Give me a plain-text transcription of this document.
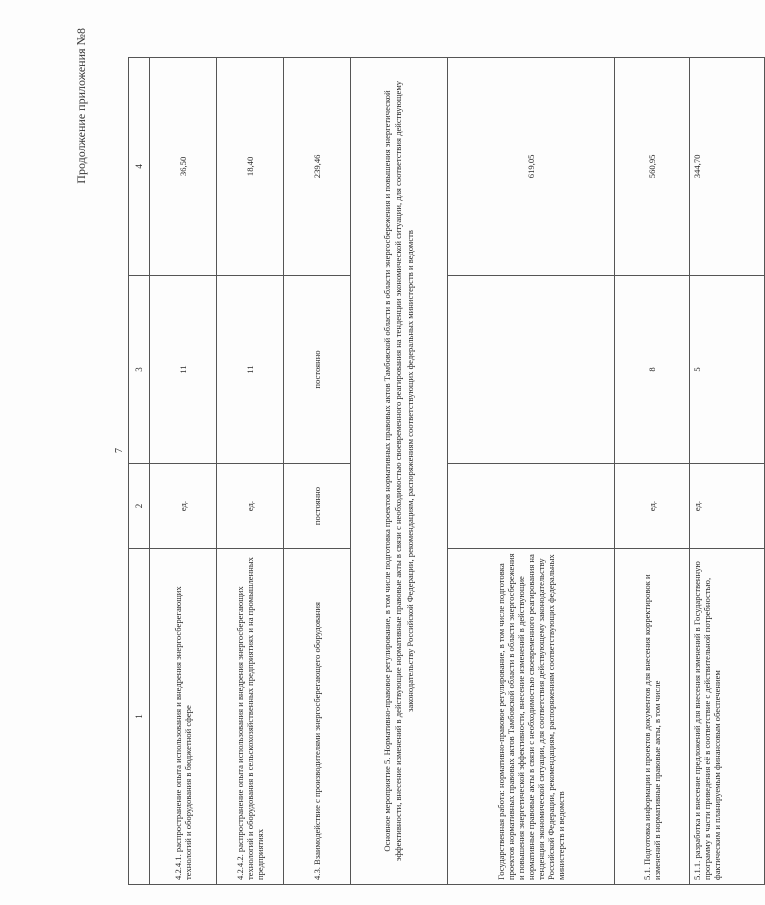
Продолжение приложения №8
7
1	2	3	4
4.2.4.1. распространение опыта использования и внедрения энергосберегающих технологий и оборудования в бюджетной сфере	ед.	11	36,50
4.2.4.2. распространение опыта использования и внедрения энергосберегающих технологий и оборудования в сельскохозяйственных предприятиях и на промышленных предприятиях	ед.	11	18,40
4.3. Взаимодействие с производителями энергосберегающего оборудования	постоянно	постоянно	239,46
Основное мероприятие 5. Нормативно-правовое регулирование, в том числе подготовка проектов нормативных правовых актов Тамбовской области в области энергосбережения и повышения энергетической эффективности, внесение изменений в действующие нормативные правовые акты в связи с необходимостью своевременного реагирования на тенденции экономической ситуации, для соответствия действующему законодательству Российской Федерации, рекомендациям, распоряжениям соответствующих федеральных министерств и ведомств			
Государственная работа: нормативно-правовое регулирование, в том числе подготовка проектов нормативных правовых актов Тамбовской области в области энергосбережения и повышения энергетической эффективности, внесение изменений в действующие нормативные правовые акты в связи с необходимостью своевременного реагирования на тенденции экономической ситуации, для соответствия действующему законодательству Российской Федерации, рекомендациям, распоряжениям соответствующих федеральных министерств и ведомств			619,05
5.1. Подготовка информации и проектов документов для внесения корректировок и изменений в нормативные правовые акты, в том числе	ед.	8	560,95
5.1.1. разработка и внесение предложений для внесения изменений в Государственную программу в части приведения её в соответствие с действительной потребностью, фактическим и планируемым финансовым обеспечением	ед.	5	344,70
